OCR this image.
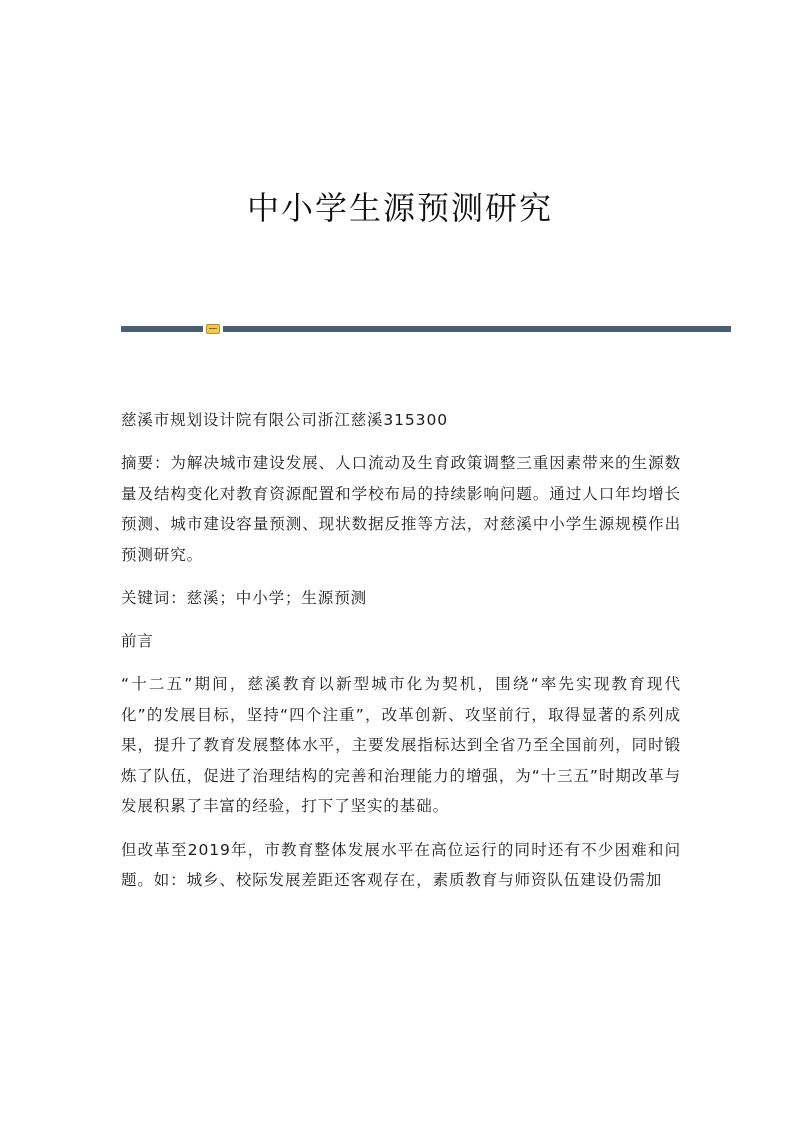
中小学生源预测研究

慈溪市规划设计院有限公司浙江慈溪315300

摘要：为解决城市建设发展、人口流动及生育政策调整三重因素带来的生源数量及结构变化对教育资源配置和学校布局的持续影响问题。通过人口年均增长预测、城市建设容量预测、现状数据反推等方法，对慈溪中小学生源规模作出预测研究。

关键词：慈溪；中小学；生源预测

前言

“十二五”期间，慈溪教育以新型城市化为契机，围绕“率先实现教育现代化”的发展目标，坚持“四个注重”，改革创新、攻坚前行，取得显著的系列成果，提升了教育发展整体水平，主要发展指标达到全省乃至全国前列，同时锻炼了队伍，促进了治理结构的完善和治理能力的增强，为“十三五”时期改革与发展积累了丰富的经验，打下了坚实的基础。

但改革至2019年，市教育整体发展水平在高位运行的同时还有不少困难和问题。如：城乡、校际发展差距还客观存在，素质教育与师资队伍建设仍需加
